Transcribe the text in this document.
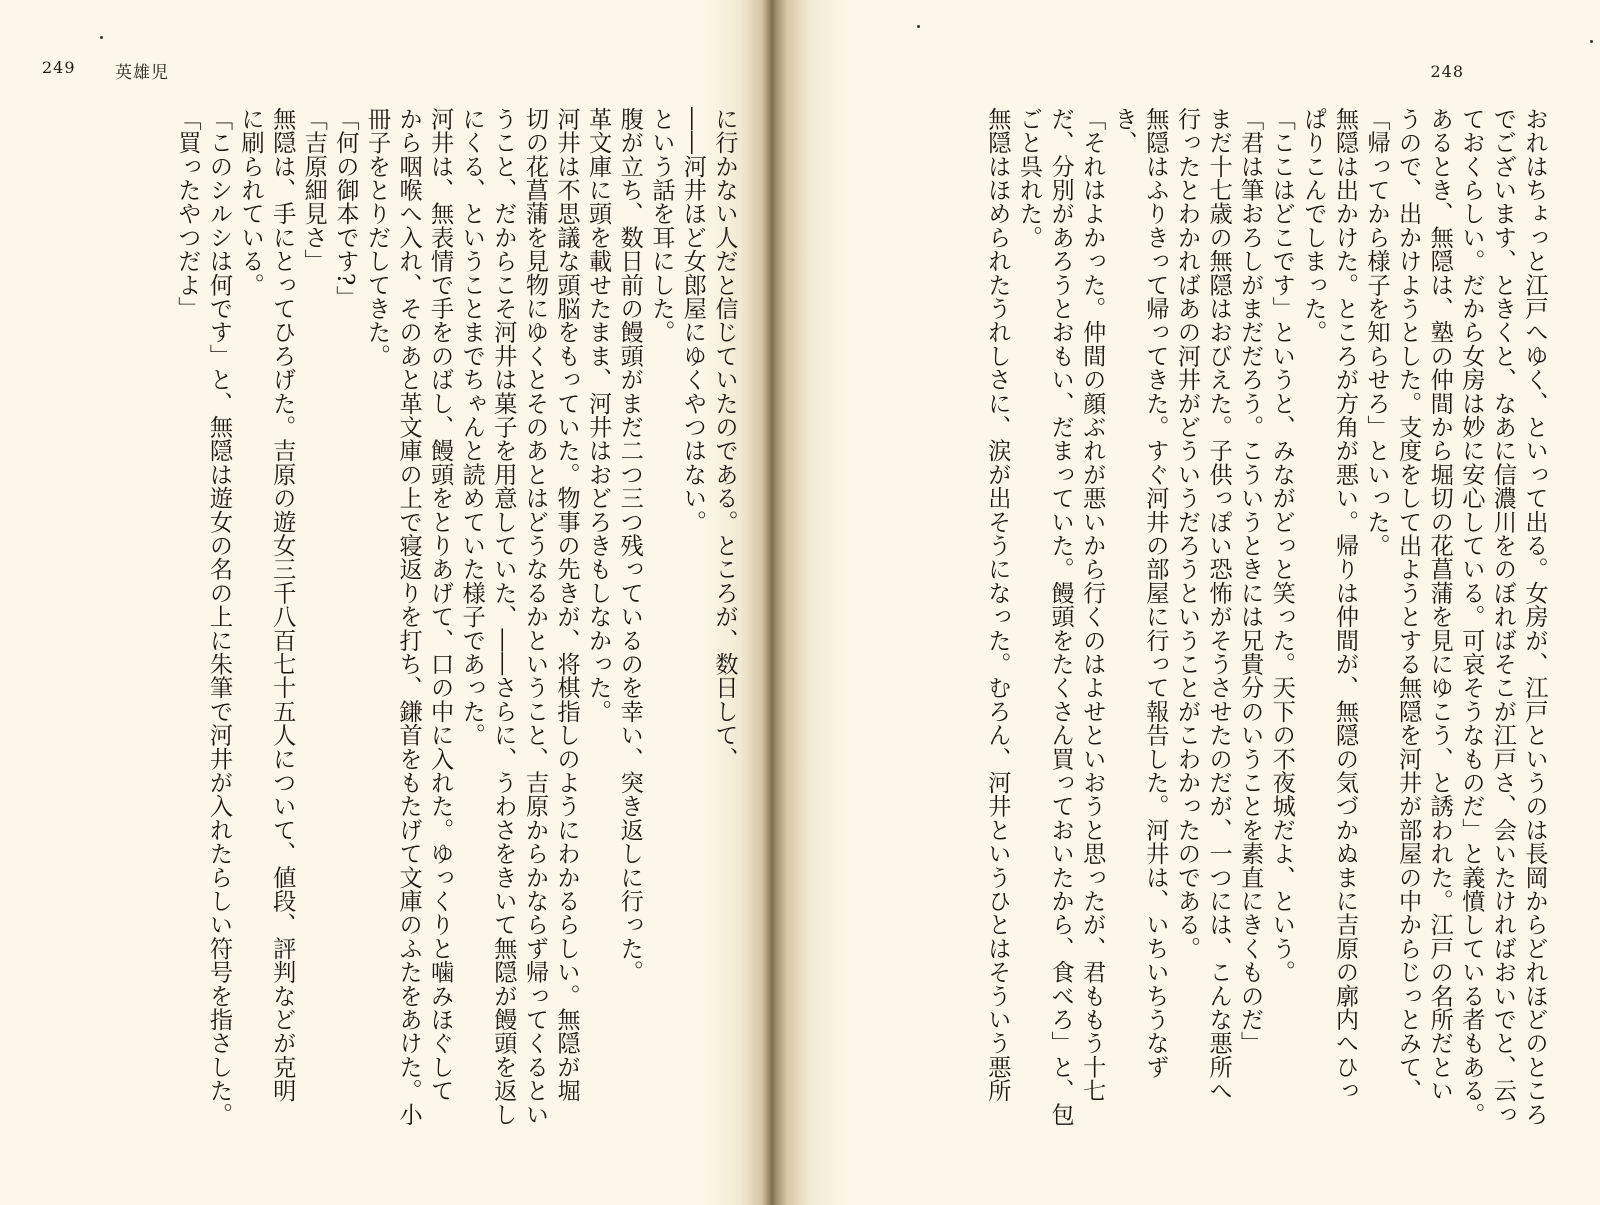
249 英雄児
に行かない人だと信じていたのである。ところが、数日して、
――河井ほど女郎屋にゆくやつはない。
という話を耳にした。
腹が立ち、数日前の饅頭がまだ二つ三つ残っているのを幸い、突き返しに行った。
革文庫に頭を載せたまま、河井はおどろきもしなかった。
河井は不思議な頭脳をもっていた。物事の先きが、将棋指しのようにわかるらしい。無隠が堀
切の花菖蒲を見物にゆくとそのあとはどうなるかということ、吉原からかならず帰ってくるとい
うこと、だからこそ河井は菓子を用意していた、――さらに、うわさをきいて無隠が饅頭を返し
にくる、ということまでちゃんと読めていた様子であった。
河井は、無表情で手をのばし、饅頭をとりあげて、口の中に入れた。ゆっくりと噛みほぐして
から咽喉へ入れ、そのあと革文庫の上で寝返りを打ち、鎌首をもたげて文庫のふたをあけた。小
冊子をとりだしてきた。
「何の御本です?」
「吉原細見さ」
無隠は、手にとってひろげた。吉原の遊女三千八百七十五人について、値段、評判などが克明
に刷られている。
「このシルシは何です」と、無隠は遊女の名の上に朱筆で河井が入れたらしい符号を指さした。
「買ったやつだよ」
248
おれはちょっと江戸へゆく、といって出る。女房が、江戸というのは長岡からどれほどのところ
でございます、ときくと、なあに信濃川をのぼればそこが江戸さ、会いたければおいでと、云っ
ておくらしい。だから女房は妙に安心している。可哀そうなものだ」と義憤している者もある。
あるとき、無隠は、塾の仲間から堀切の花菖蒲を見にゆこう、と誘われた。江戸の名所だとい
うので、出かけようとした。支度をして出ようとする無隠を河井が部屋の中からじっとみて、
「帰ってから様子を知らせろ」といった。
無隠は出かけた。ところが方角が悪い。帰りは仲間が、無隠の気づかぬまに吉原の廓内へひっ
ぱりこんでしまった。
「ここはどこです」というと、みながどっと笑った。天下の不夜城だよ、という。
「君は筆おろしがまだだろう。こういうときには兄貴分のいうことを素直にきくものだ」
まだ十七歳の無隠はおびえた。子供っぽい恐怖がそうさせたのだが、一つには、こんな悪所へ
行ったとわかればあの河井がどういうだろうということがこわかったのである。
無隠はふりきって帰ってきた。すぐ河井の部屋に行って報告した。河井は、いちいちうなず
き、
「それはよかった。仲間の顔ぶれが悪いから行くのはよせといおうと思ったが、君ももう十七
だ、分別があろうとおもい、だまっていた。饅頭をたくさん買っておいたから、食べろ」と、包
ごと呉れた。
無隠はほめられたうれしさに、涙が出そうになった。むろん、河井というひとはそういう悪所
